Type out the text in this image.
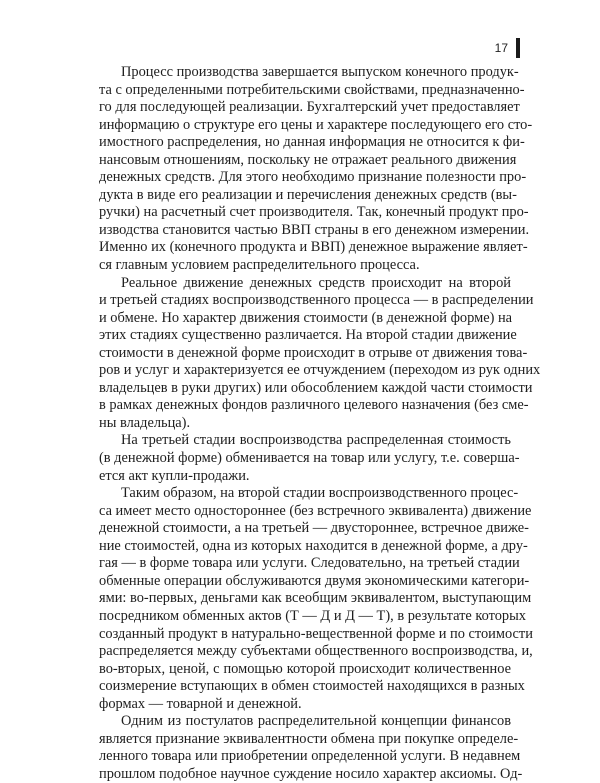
17

Процесс производства завершается выпуском конечного продук-
та с определенными потребительскими свойствами, предназначенно-
го для последующей реализации. Бухгалтерский учет предоставляет
информацию о структуре его цены и характере последующего его сто-
имостного распределения, но данная информация не относится к фи-
нансовым отношениям, поскольку не отражает реального движения
денежных средств. Для этого необходимо признание полезности про-
дукта в виде его реализации и перечисления денежных средств (вы-
ручки) на расчетный счет производителя. Так, конечный продукт про-
изводства становится частью ВВП страны в его денежном измерении.
Именно их (конечного продукта и ВВП) денежное выражение являет-
ся главным условием распределительного процесса.

Реальное движение денежных средств происходит на второй
и третьей стадиях воспроизводственного процесса — в распределении
и обмене. Но характер движения стоимости (в денежной форме) на
этих стадиях существенно различается. На второй стадии движение
стоимости в денежной форме происходит в отрыве от движения това-
ров и услуг и характеризуется ее отчуждением (переходом из рук одних
владельцев в руки других) или обособлением каждой части стоимости
в рамках денежных фондов различного целевого назначения (без сме-
ны владельца).

На третьей стадии воспроизводства распределенная стоимость
(в денежной форме) обменивается на товар или услугу, т.е. соверша-
ется акт купли-продажи.

Таким образом, на второй стадии воспроизводственного процес-
са имеет место одностороннее (без встречного эквивалента) движение
денежной стоимости, а на третьей — двустороннее, встречное движе-
ние стоимостей, одна из которых находится в денежной форме, а дру-
гая — в форме товара или услуги. Следовательно, на третьей стадии
обменные операции обслуживаются двумя экономическими категори-
ями: во-первых, деньгами как всеобщим эквивалентом, выступающим
посредником обменных актов (Т — Д и Д — Т), в результате которых
созданный продукт в натурально-вещественной форме и по стоимости
распределяется между субъектами общественного воспроизводства, и,
во-вторых, ценой, с помощью которой происходит количественное
соизмерение вступающих в обмен стоимостей находящихся в разных
формах — товарной и денежной.

Одним из постулатов распределительной концепции финансов
является признание эквивалентности обмена при покупке определе-
ленного товара или приобретении определенной услуги. В недавнем
прошлом подобное научное суждение носило характер аксиомы. Од-
